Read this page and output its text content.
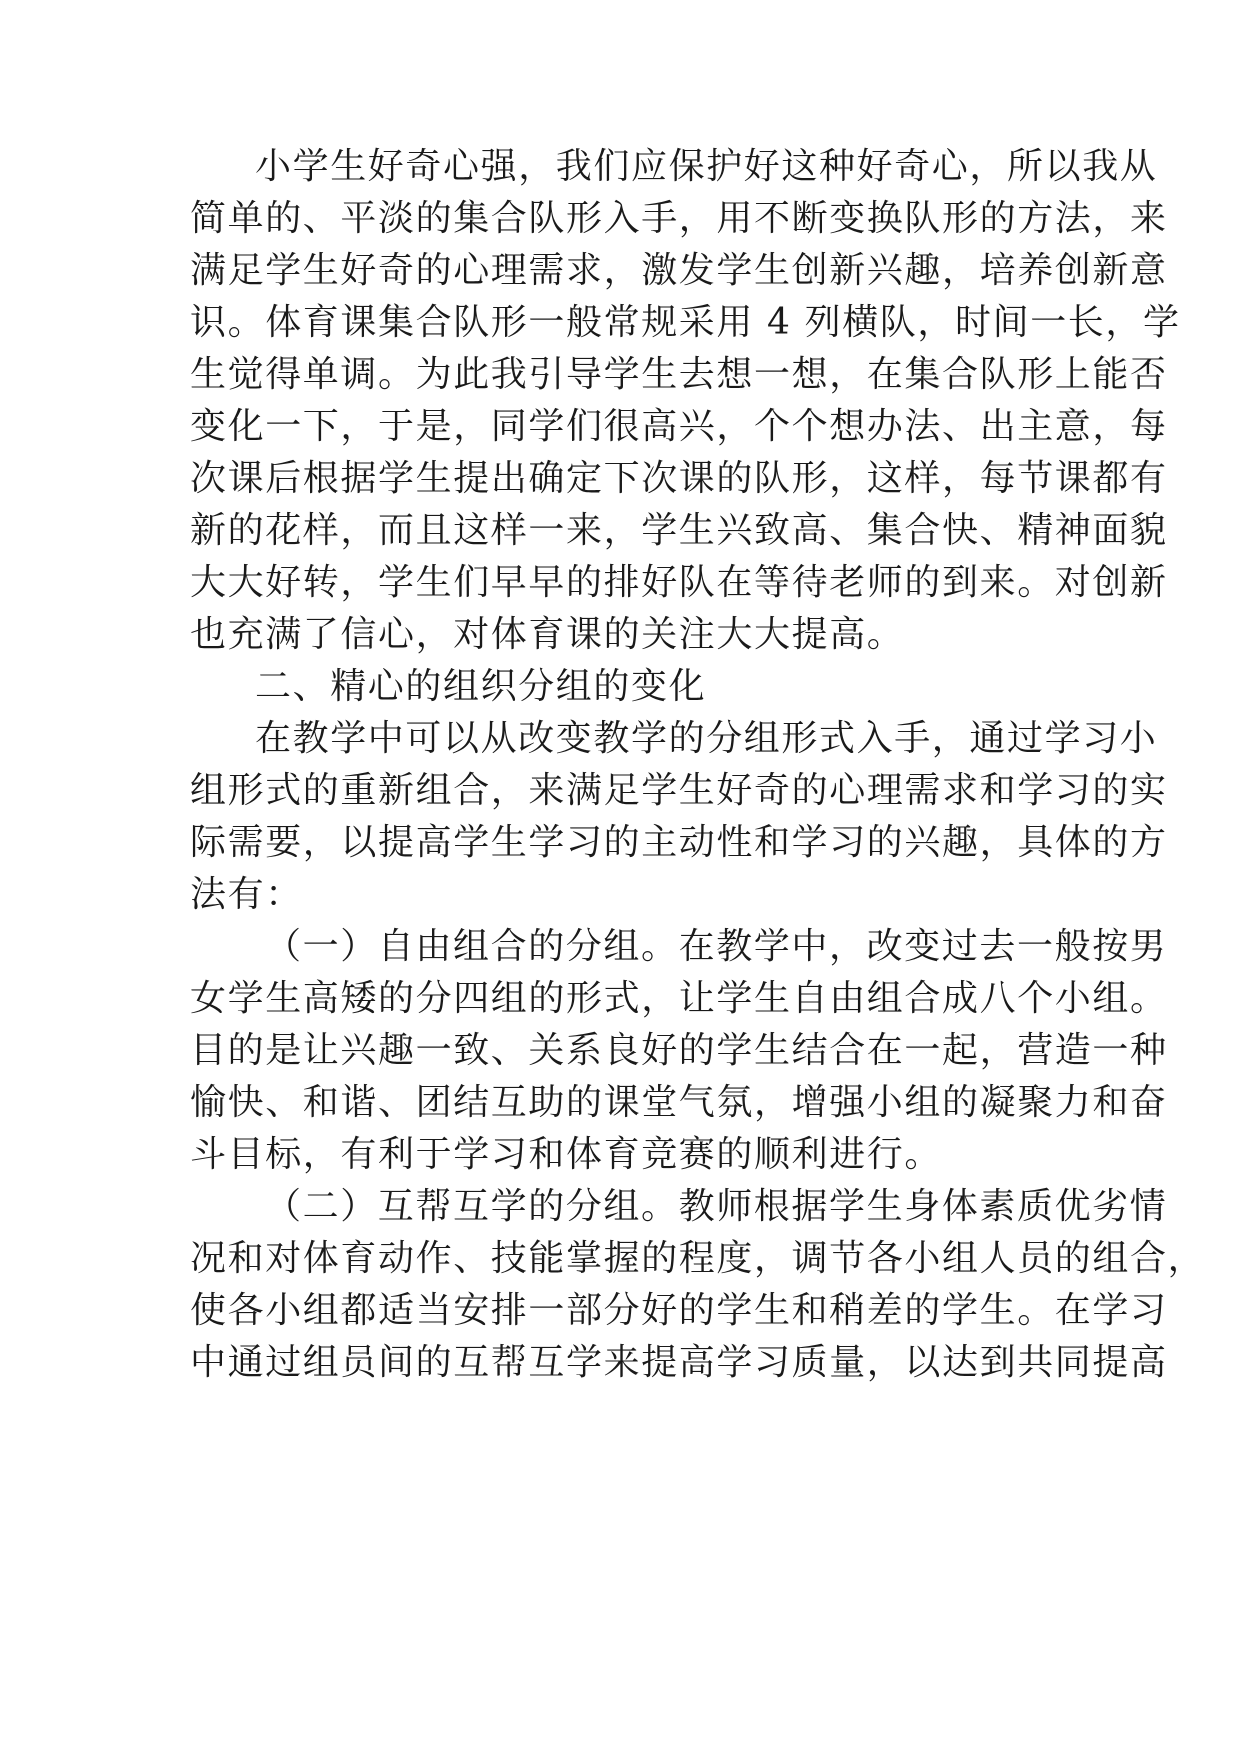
小学生好奇心强，我们应保护好这种好奇心，所以我从
简单的、平淡的集合队形入手，用不断变换队形的方法，来
满足学生好奇的心理需求，激发学生创新兴趣，培养创新意
识。体育课集合队形一般常规采用 4 列横队，时间一长，学
生觉得单调。为此我引导学生去想一想，在集合队形上能否
变化一下，于是，同学们很高兴，个个想办法、出主意，每
次课后根据学生提出确定下次课的队形，这样，每节课都有
新的花样，而且这样一来，学生兴致高、集合快、精神面貌
大大好转，学生们早早的排好队在等待老师的到来。对创新
也充满了信心，对体育课的关注大大提高。
二、精心的组织分组的变化
在教学中可以从改变教学的分组形式入手，通过学习小
组形式的重新组合，来满足学生好奇的心理需求和学习的实
际需要，以提高学生学习的主动性和学习的兴趣，具体的方
法有：
（一）自由组合的分组。在教学中，改变过去一般按男
女学生高矮的分四组的形式，让学生自由组合成八个小组。
目的是让兴趣一致、关系良好的学生结合在一起，营造一种
愉快、和谐、团结互助的课堂气氛，增强小组的凝聚力和奋
斗目标，有利于学习和体育竞赛的顺利进行。
（二）互帮互学的分组。教师根据学生身体素质优劣情
况和对体育动作、技能掌握的程度，调节各小组人员的组合，
使各小组都适当安排一部分好的学生和稍差的学生。在学习
中通过组员间的互帮互学来提高学习质量，以达到共同提高
